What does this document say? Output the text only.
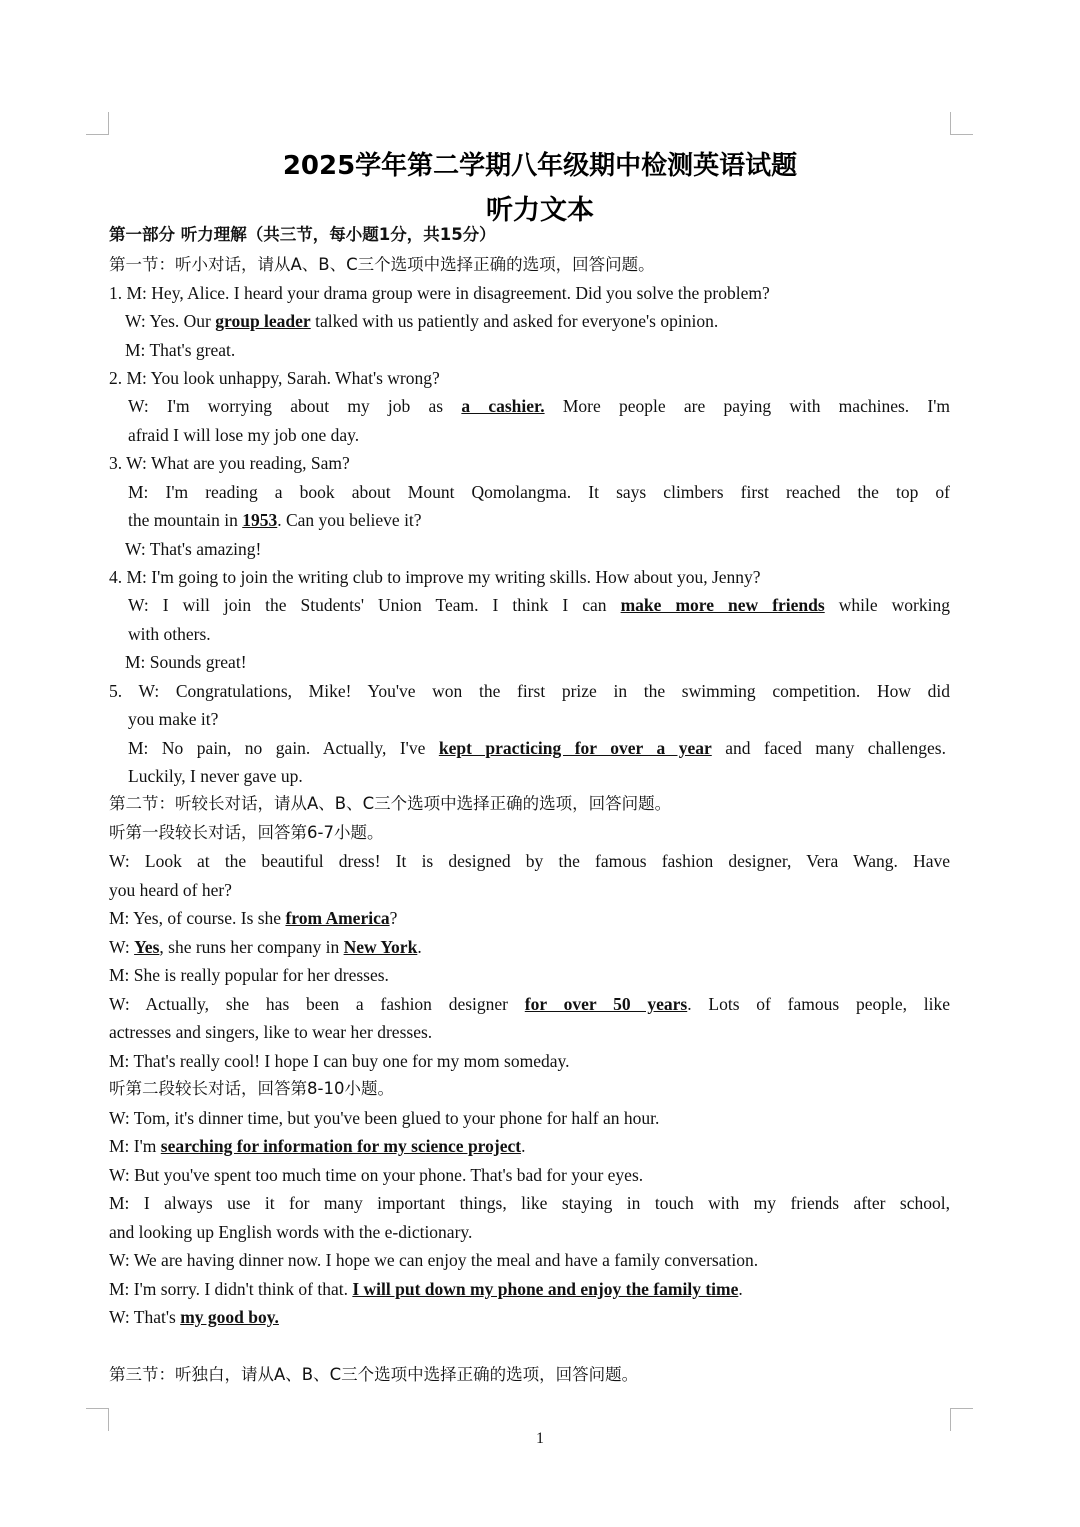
2025学年第二学期八年级期中检测英语试题
听力文本
第一部分 听力理解（共三节，每小题1分，共15分）
第一节：听小对话，请从A、B、C三个选项中选择正确的选项，回答问题。
1. M: Hey, Alice. I heard your drama group were in disagreement. Did you solve the problem?
W: Yes. Our group leader talked with us patiently and asked for everyone's opinion.
M: That's great.
2. M: You look unhappy, Sarah. What's wrong?
W: I'm worrying about my job as a cashier. More people are paying with machines. I'm
afraid I will lose my job one day.
3. W: What are you reading, Sam?
M: I'm reading a book about Mount Qomolangma. It says climbers first reached the top of
the mountain in 1953. Can you believe it?
W: That's amazing!
4. M: I'm going to join the writing club to improve my writing skills. How about you, Jenny?
W: I will join the Students' Union Team. I think I can make more new friends while working
with others.
M: Sounds great!
5. W: Congratulations, Mike! You've won the first prize in the swimming competition. How did
you make it?
M: No pain, no gain. Actually, I've kept practicing for over a year and faced many challenges.
Luckily, I never gave up.
第二节：听较长对话，请从A、B、C三个选项中选择正确的选项，回答问题。
听第一段较长对话，回答第6-7小题。
W: Look at the beautiful dress! It is designed by the famous fashion designer, Vera Wang. Have
you heard of her?
M: Yes, of course. Is she from America?
W: Yes, she runs her company in New York.
M: She is really popular for her dresses.
W: Actually, she has been a fashion designer for over 50 years. Lots of famous people, like
actresses and singers, like to wear her dresses.
M: That's really cool! I hope I can buy one for my mom someday.
听第二段较长对话，回答第8-10小题。
W: Tom, it's dinner time, but you've been glued to your phone for half an hour.
M: I'm searching for information for my science project.
W: But you've spent too much time on your phone. That's bad for your eyes.
M: I always use it for many important things, like staying in touch with my friends after school,
and looking up English words with the e-dictionary.
W: We are having dinner now. I hope we can enjoy the meal and have a family conversation.
M: I'm sorry. I didn't think of that. I will put down my phone and enjoy the family time.
W: That's my good boy.
第三节：听独白，请从A、B、C三个选项中选择正确的选项，回答问题。
1
